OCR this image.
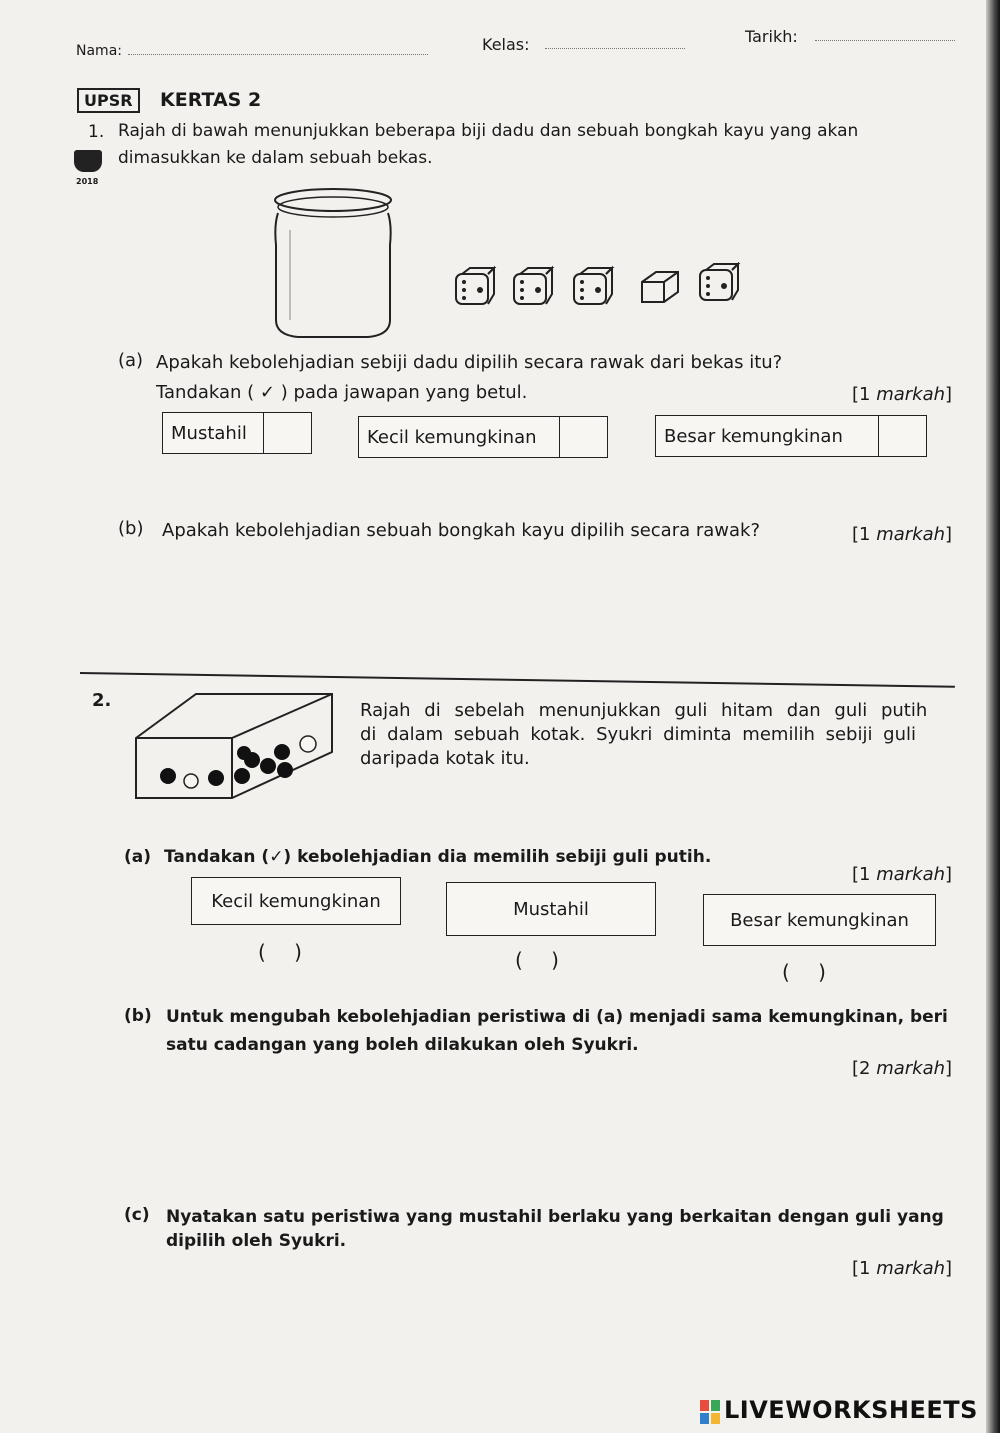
Nama:	Kelas:	Tarikh:
UPSR	KERTAS 2
2018
1. Rajah di bawah menunjukkan beberapa biji dadu dan sebuah bongkah kayu yang akan
dimasukkan ke dalam sebuah bekas.
(a) Apakah kebolehjadian sebiji dadu dipilih secara rawak dari bekas itu?
Tandakan ( ✓ ) pada jawapan yang betul.	[1 markah]
Mustahil	Kecil kemungkinan	Besar kemungkinan
(b) Apakah kebolehjadian sebuah bongkah kayu dipilih secara rawak?	[1 markah]
2.	Rajah di sebelah menunjukkan guli hitam dan guli putih
di dalam sebuah kotak. Syukri diminta memilih sebiji guli
daripada kotak itu.
(a) Tandakan (✓) kebolehjadian dia memilih sebiji guli putih.
[1 markah]
Kecil kemungkinan	Mustahil
Besar kemungkinan
( )	( )	( )
(b) Untuk mengubah kebolehjadian peristiwa di (a) menjadi sama kemungkinan, beri
satu cadangan yang boleh dilakukan oleh Syukri.
[2 markah]
(c) Nyatakan satu peristiwa yang mustahil berlaku yang berkaitan dengan guli yang
dipilih oleh Syukri.
[1 markah]
LIVEWORKSHEETS
